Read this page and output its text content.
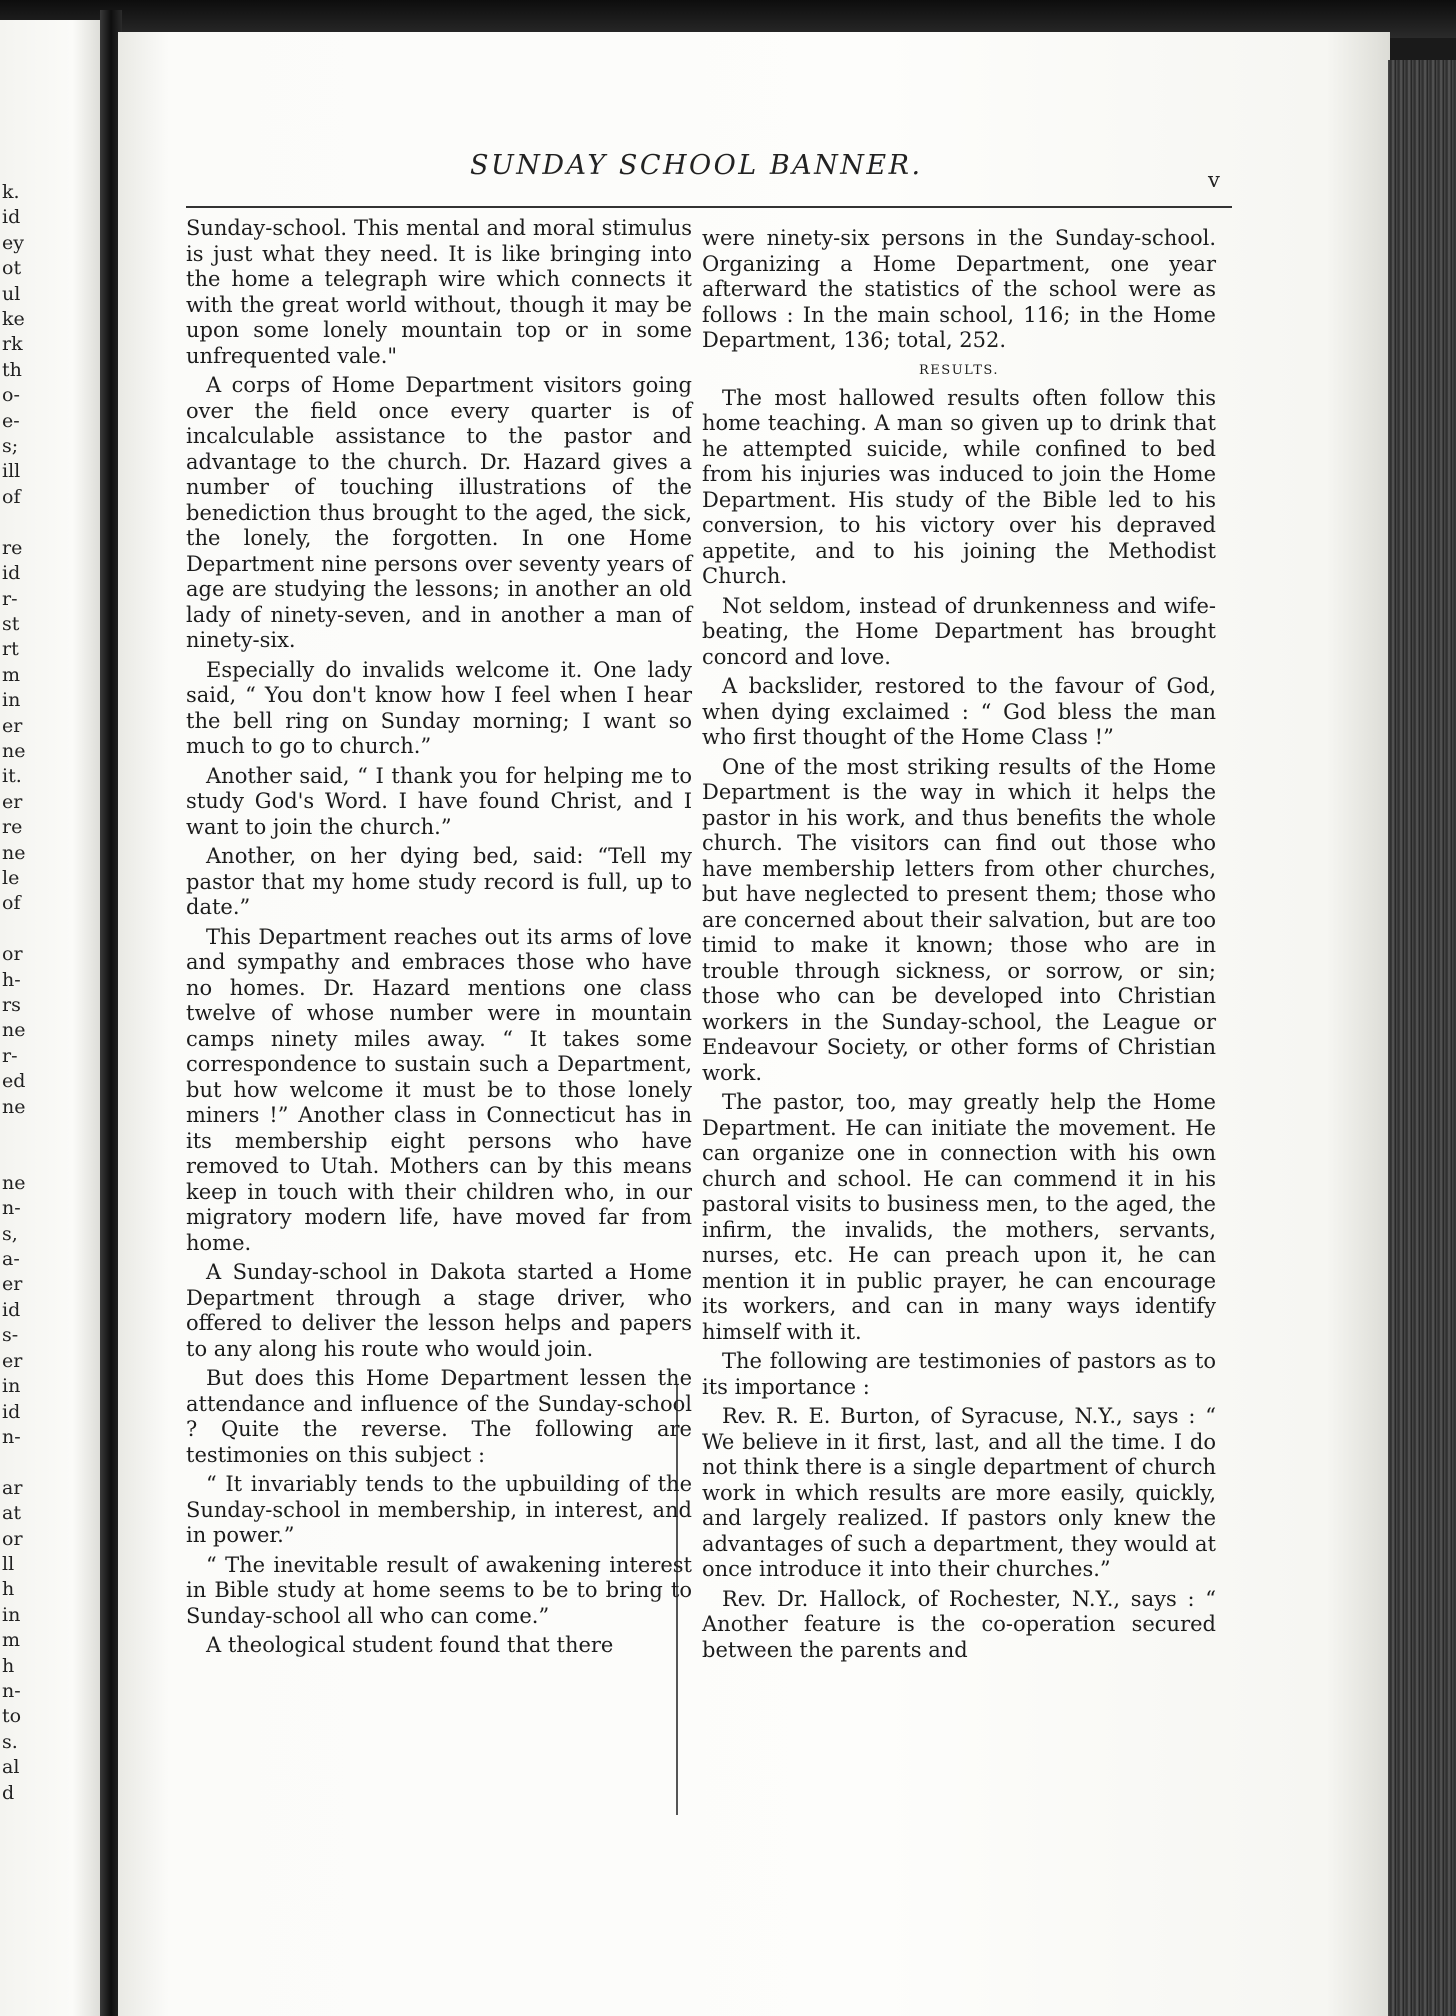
k.
id
ey
ot
ul
ke
rk
th
o-
e-
s;
ill
of

re
id
r-
st
rt
m
in
er
ne
it.
er
re
ne
le
of

or
h-
rs
ne
r-
ed
ne

ne
n-
s,
a-
er
id
s-
er
in
id
n-

ar
at
or
ll
h
in
m
h
n-
to
s.
al
d
SUNDAY SCHOOL BANNER.	v

Sunday-school. This mental and moral stimulus is just what they need. It is like bringing into the home a telegraph wire which connects it with the great world without, though it may be upon some lonely mountain top or in some unfrequented vale."

A corps of Home Department visitors going over the field once every quarter is of incalculable assistance to the pastor and advantage to the church. Dr. Hazard gives a number of touching illustrations of the benediction thus brought to the aged, the sick, the lonely, the forgotten. In one Home Department nine persons over seventy years of age are studying the lessons; in another an old lady of ninety-seven, and in another a man of ninety-six.

Especially do invalids welcome it. One lady said, “ You don't know how I feel when I hear the bell ring on Sunday morning; I want so much to go to church.”

Another said, “ I thank you for helping me to study God's Word. I have found Christ, and I want to join the church.”

Another, on her dying bed, said: “Tell my pastor that my home study record is full, up to date.”

This Department reaches out its arms of love and sympathy and embraces those who have no homes. Dr. Hazard mentions one class twelve of whose number were in mountain camps ninety miles away. “ It takes some correspondence to sustain such a Department, but how welcome it must be to those lonely miners !” Another class in Connecticut has in its membership eight persons who have removed to Utah. Mothers can by this means keep in touch with their children who, in our migratory modern life, have moved far from home.

A Sunday-school in Dakota started a Home Department through a stage driver, who offered to deliver the lesson helps and papers to any along his route who would join.

But does this Home Department lessen the attendance and influence of the Sunday-school ? Quite the reverse. The following are testimonies on this subject :

“ It invariably tends to the upbuilding of the Sunday-school in membership, in interest, and in power.”

“ The inevitable result of awakening interest in Bible study at home seems to be to bring to Sunday-school all who can come.”

A theological student found that there

were ninety-six persons in the Sunday-school. Organizing a Home Department, one year afterward the statistics of the school were as follows : In the main school, 116; in the Home Department, 136; total, 252.

RESULTS.

The most hallowed results often follow this home teaching. A man so given up to drink that he attempted suicide, while confined to bed from his injuries was induced to join the Home Department. His study of the Bible led to his conversion, to his victory over his depraved appetite, and to his joining the Methodist Church.

Not seldom, instead of drunkenness and wife-beating, the Home Department has brought concord and love.

A backslider, restored to the favour of God, when dying exclaimed : “ God bless the man who first thought of the Home Class !”

One of the most striking results of the Home Department is the way in which it helps the pastor in his work, and thus benefits the whole church. The visitors can find out those who have membership letters from other churches, but have neglected to present them; those who are concerned about their salvation, but are too timid to make it known; those who are in trouble through sickness, or sorrow, or sin; those who can be developed into Christian workers in the Sunday-school, the League or Endeavour Society, or other forms of Christian work.

The pastor, too, may greatly help the Home Department. He can initiate the movement. He can organize one in connection with his own church and school. He can commend it in his pastoral visits to business men, to the aged, the infirm, the invalids, the mothers, servants, nurses, etc. He can preach upon it, he can mention it in public prayer, he can encourage its workers, and can in many ways identify himself with it.

The following are testimonies of pastors as to its importance :

Rev. R. E. Burton, of Syracuse, N.Y., says : “ We believe in it first, last, and all the time. I do not think there is a single department of church work in which results are more easily, quickly, and largely realized. If pastors only knew the advantages of such a department, they would at once introduce it into their churches.”

Rev. Dr. Hallock, of Rochester, N.Y., says : “ Another feature is the co-operation secured between the parents and
